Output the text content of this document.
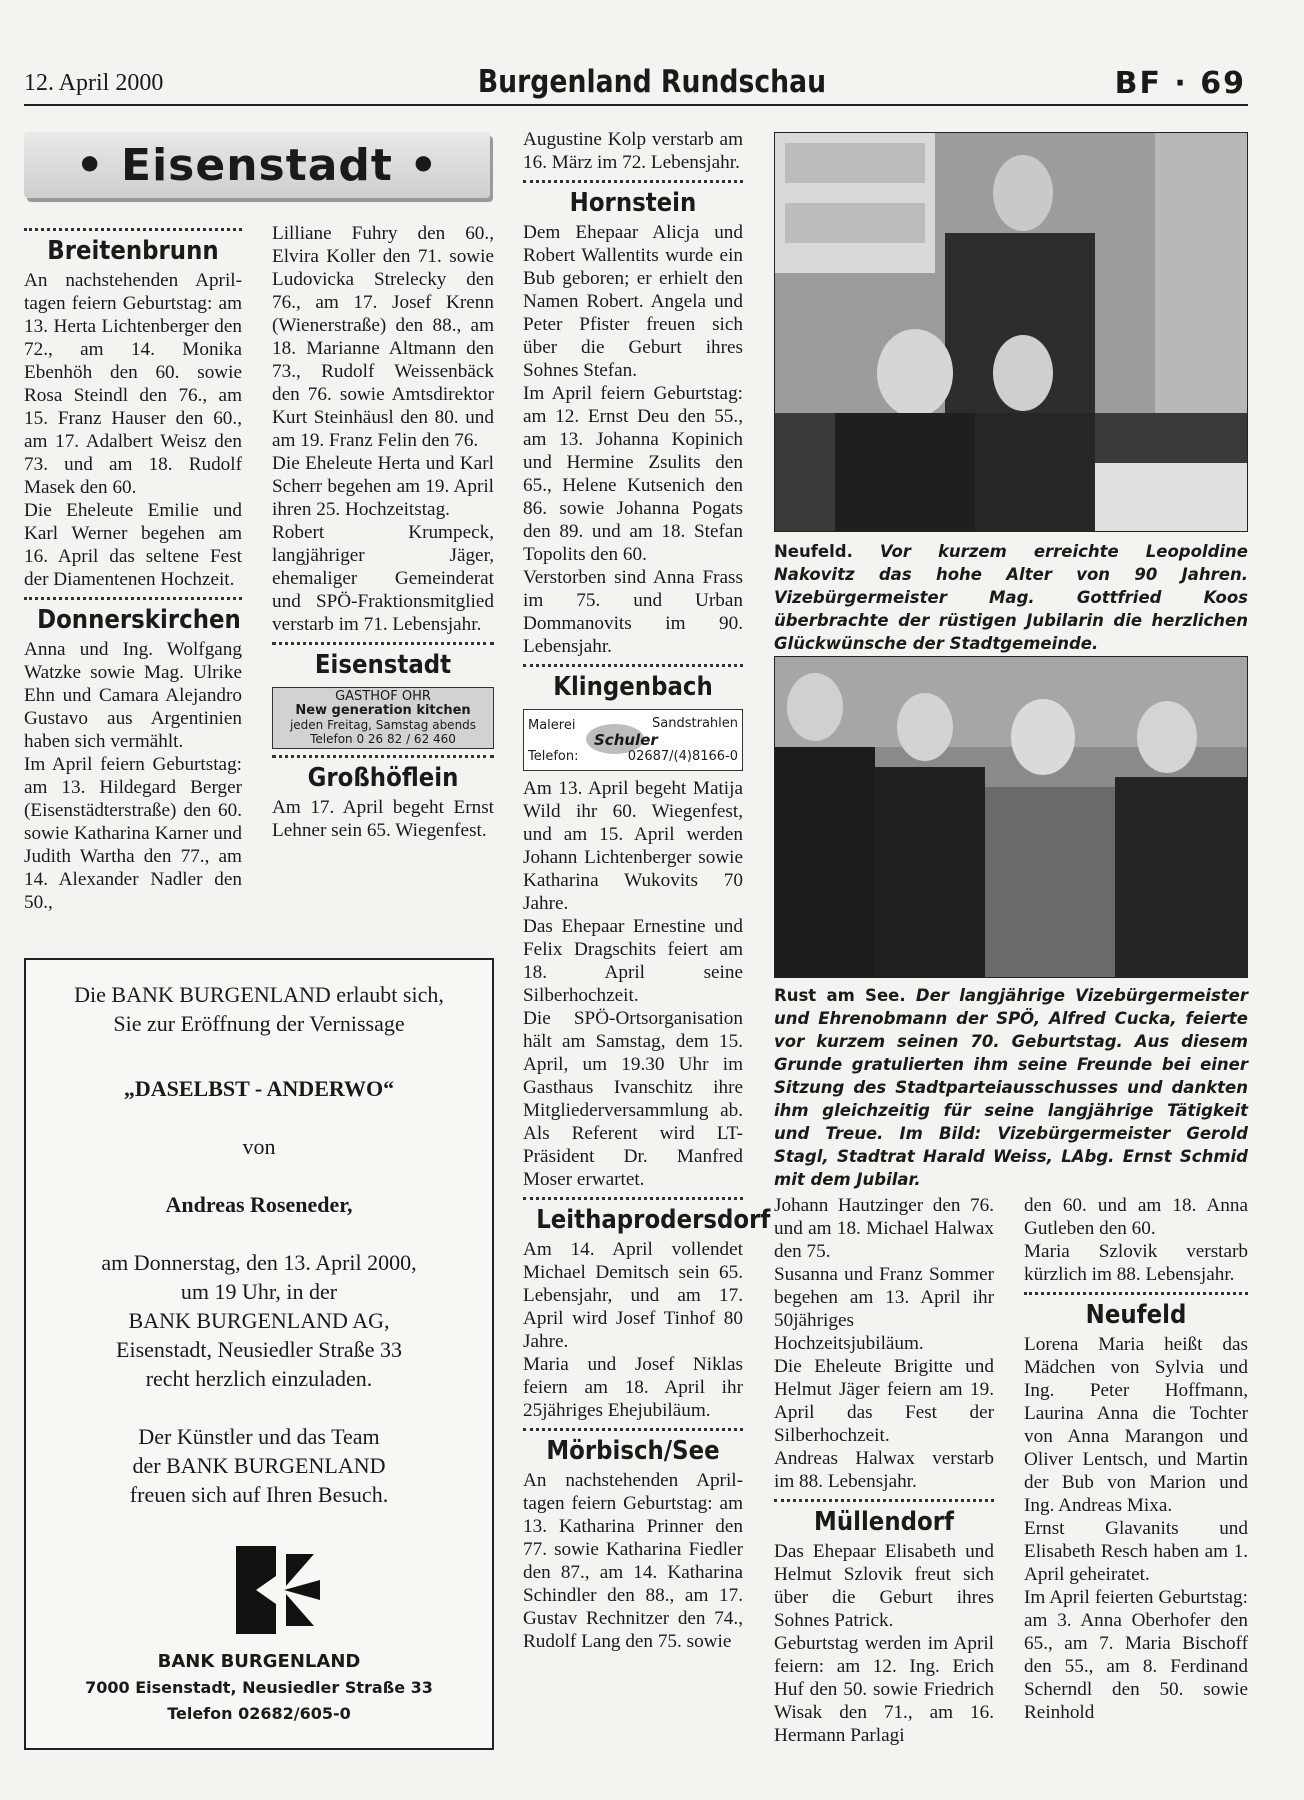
12. April 2000	Burgenland Rundschau	BF · 69
• Eisenstadt •
Breitenbrunn

An nachstehenden April-tagen feiern Geburtstag: am 13. Herta Lichtenberger den 72., am 14. Monika Ebenhöh den 60. sowie Rosa Steindl den 76., am 15. Franz Hauser den 60., am 17. Adalbert Weisz den 73. und am 18. Rudolf Masek den 60.

Die Eheleute Emilie und Karl Werner begehen am 16. April das seltene Fest der Diamentenen Hochzeit.

Donnerskirchen

Anna und Ing. Wolfgang Watzke sowie Mag. Ulrike Ehn und Camara Alejandro Gustavo aus Argentinien haben sich vermählt.

Im April feiern Geburtstag: am 13. Hildegard Berger (Eisenstädterstraße) den 60. sowie Katharina Karner und Judith Wartha den 77., am 14. Alexander Nadler den 50.,

Lilliane Fuhry den 60., Elvira Koller den 71. sowie Ludovicka Strelecky den 76., am 17. Josef Krenn (Wienerstraße) den 88., am 18. Marianne Altmann den 73., Rudolf Weissenbäck den 76. sowie Amtsdirektor Kurt Steinhäusl den 80. und am 19. Franz Felin den 76.

Die Eheleute Herta und Karl Scherr begehen am 19. April ihren 25. Hochzeitstag.

Robert Krumpeck, langjähriger Jäger, ehemaliger Gemeinderat und SPÖ-Fraktionsmitglied verstarb im 71. Lebensjahr.

Eisenstadt
GASTHOF OHR
New generation kitchen
jeden Freitag, Samstag abends
Telefon 0 26 82 / 62 460
Großhöflein

Am 17. April begeht Ernst Lehner sein 65. Wiegenfest.

Augustine Kolp verstarb am 16. März im 72. Lebensjahr.

Hornstein

Dem Ehepaar Alicja und Robert Wallentits wurde ein Bub geboren; er erhielt den Namen Robert. Angela und Peter Pfister freuen sich über die Geburt ihres Sohnes Stefan.

Im April feiern Geburtstag: am 12. Ernst Deu den 55., am 13. Johanna Kopinich und Hermine Zsulits den 65., Helene Kutsenich den 86. sowie Johanna Pogats den 89. und am 18. Stefan Topolits den 60.

Verstorben sind Anna Frass im 75. und Urban Dommanovits im 90. Lebensjahr.

Klingenbach
Malerei	Sandstrahlen
Schuler
Telefon:	02687/(4)8166-0

Am 13. April begeht Matija Wild ihr 60. Wiegenfest, und am 15. April werden Johann Lichtenberger sowie Katharina Wukovits 70 Jahre.

Das Ehepaar Ernestine und Felix Dragschits feiert am 18. April seine Silberhochzeit.

Die SPÖ-Ortsorganisation hält am Samstag, dem 15. April, um 19.30 Uhr im Gasthaus Ivanschitz ihre Mitgliederversammlung ab. Als Referent wird LT-Präsident Dr. Manfred Moser erwartet.

Leithaprodersdorf

Am 14. April vollendet Michael Demitsch sein 65. Lebensjahr, und am 17. April wird Josef Tinhof 80 Jahre.

Maria und Josef Niklas feiern am 18. April ihr 25jähriges Ehejubiläum.

Mörbisch/See

An nachstehenden April-tagen feiern Geburtstag: am 13. Katharina Prinner den 77. sowie Katharina Fiedler den 87., am 14. Katharina Schindler den 88., am 17. Gustav Rechnitzer den 74., Rudolf Lang den 75. sowie

Neufeld. Vor kurzem erreichte Leopoldine Nakovitz das hohe Alter von 90 Jahren. Vizebürgermeister Mag. Gottfried Koos überbrachte der rüstigen Jubilarin die herzlichen Glückwünsche der Stadtgemeinde.
Rust am See. Der langjährige Vizebürgermeister und Ehrenobmann der SPÖ, Alfred Cucka, feierte vor kurzem seinen 70. Geburtstag. Aus diesem Grunde gratulierten ihm seine Freunde bei einer Sitzung des Stadtparteiausschusses und dankten ihm gleichzeitig für seine langjährige Tätigkeit und Treue. Im Bild: Vizebürgermeister Gerold Stagl, Stadtrat Harald Weiss, LAbg. Ernst Schmid mit dem Jubilar.

Johann Hautzinger den 76. und am 18. Michael Halwax den 75.

Susanna und Franz Sommer begehen am 13. April ihr 50jähriges Hochzeitsjubiläum.

Die Eheleute Brigitte und Helmut Jäger feiern am 19. April das Fest der Silberhochzeit.

Andreas Halwax verstarb im 88. Lebensjahr.

Müllendorf

Das Ehepaar Elisabeth und Helmut Szlovik freut sich über die Geburt ihres Sohnes Patrick.

Geburtstag werden im April feiern: am 12. Ing. Erich Huf den 50. sowie Friedrich Wisak den 71., am 16. Hermann Parlagi

den 60. und am 18. Anna Gutleben den 60.

Maria Szlovik verstarb kürzlich im 88. Lebensjahr.

Neufeld

Lorena Maria heißt das Mädchen von Sylvia und Ing. Peter Hoffmann, Laurina Anna die Tochter von Anna Marangon und Oliver Lentsch, und Martin der Bub von Marion und Ing. Andreas Mixa.

Ernst Glavanits und Elisabeth Resch haben am 1. April geheiratet.

Im April feierten Geburtstag: am 3. Anna Oberhofer den 65., am 7. Maria Bischoff den 55., am 8. Ferdinand Scherndl den 50. sowie Reinhold

Die BANK BURGENLAND erlaubt sich,
Sie zur Eröffnung der Vernissage
„DASELBST - ANDERWO“
von
Andreas Roseneder,
am Donnerstag, den 13. April 2000,
um 19 Uhr, in der
BANK BURGENLAND AG,
Eisenstadt, Neusiedler Straße 33
recht herzlich einzuladen.
Der Künstler und das Team
der BANK BURGENLAND
freuen sich auf Ihren Besuch.
BANK BURGENLAND
7000 Eisenstadt, Neusiedler Straße 33
Telefon 02682/605-0
